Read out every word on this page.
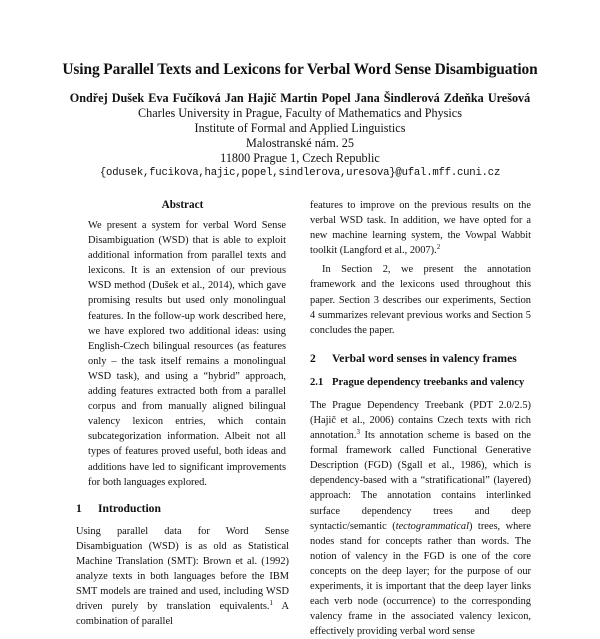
Using Parallel Texts and Lexicons for Verbal Word Sense Disambiguation
Ondřej Dušek Eva Fučíková Jan Hajič Martin Popel Jana Šindlerová Zdeňka Urešová
Charles University in Prague, Faculty of Mathematics and Physics
Institute of Formal and Applied Linguistics
Malostranské nám. 25
11800 Prague 1, Czech Republic
{odusek,fucikova,hajic,popel,sindlerova,uresova}@ufal.mff.cuni.cz
Abstract

We present a system for verbal Word Sense Disambiguation (WSD) that is able to exploit additional information from parallel texts and lexicons. It is an extension of our previous WSD method (Dušek et al., 2014), which gave promising results but used only monolingual features. In the follow-up work described here, we have explored two additional ideas: using English-Czech bilingual resources (as features only – the task itself remains a monolingual WSD task), and using a “hybrid” approach, adding features extracted both from a parallel corpus and from manually aligned bilingual valency lexicon entries, which contain subcategorization information. Albeit not all types of features proved useful, both ideas and additions have led to significant improvements for both languages explored.

1 Introduction

Using parallel data for Word Sense Disambiguation (WSD) is as old as Statistical Machine Translation (SMT): Brown et al. (1992) analyze texts in both languages before the IBM SMT models are trained and used, including WSD driven purely by translation equivalents.$^1$ A combination of parallel

features to improve on the previous results on the verbal WSD task. In addition, we have opted for a new machine learning system, the Vowpal Wabbit toolkit (Langford et al., 2007).$^2$

In Section 2, we present the annotation framework and the lexicons used throughout this paper. Section 3 describes our experiments, Section 4 summarizes relevant previous works and Section 5 concludes the paper.

2 Verbal word senses in valency frames
2.1 Prague dependency treebanks and valency

The Prague Dependency Treebank (PDT 2.0/2.5) (Hajič et al., 2006) contains Czech texts with rich annotation.$^3$ Its annotation scheme is based on the formal framework called Functional Generative Description (FGD) (Sgall et al., 1986), which is dependency-based with a “stratificational” (layered) approach: The annotation contains interlinked surface dependency trees and deep syntactic/semantic (tectogrammatical) trees, where nodes stand for concepts rather than words. The notion of valency in the FGD is one of the core concepts on the deep layer; for the purpose of our experiments, it is important that the deep layer links each verb node (occurrence) to the corresponding valency frame in the associated valency lexicon, effectively providing verbal word sense
